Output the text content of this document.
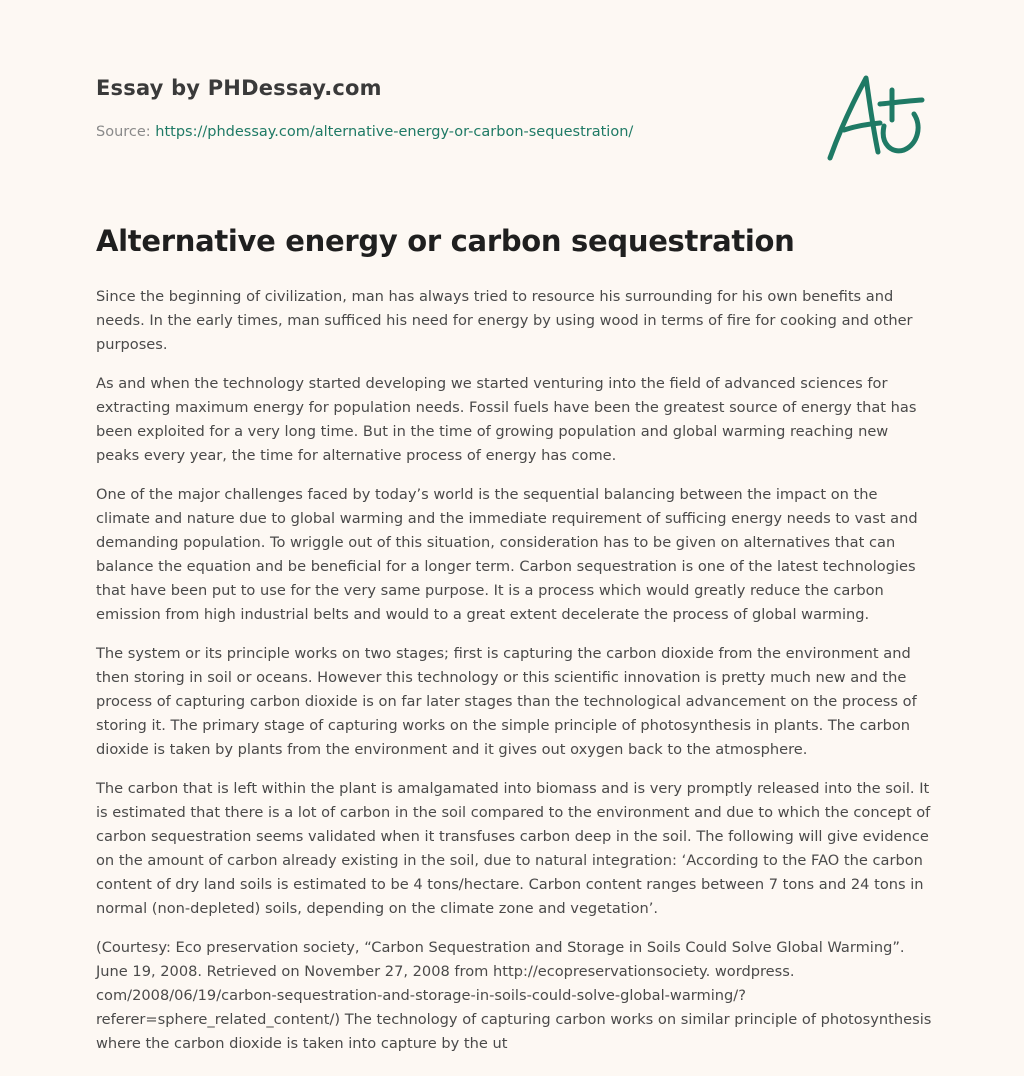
Essay by PHDessay.com
Source: https://phdessay.com/alternative-energy-or-carbon-sequestration/
Alternative energy or carbon sequestration

Since the beginning of civilization, man has always tried to resource his surrounding for his own benefits and needs. In the early times, man sufficed his need for energy by using wood in terms of fire for cooking and other purposes.

As and when the technology started developing we started venturing into the field of advanced sciences for extracting maximum energy for population needs. Fossil fuels have been the greatest source of energy that has been exploited for a very long time. But in the time of growing population and global warming reaching new peaks every year, the time for alternative process of energy has come.

One of the major challenges faced by today’s world is the sequential balancing between the impact on the climate and nature due to global warming and the immediate requirement of sufficing energy needs to vast and demanding population. To wriggle out of this situation, consideration has to be given on alternatives that can balance the equation and be beneficial for a longer term. Carbon sequestration is one of the latest technologies that have been put to use for the very same purpose. It is a process which would greatly reduce the carbon emission from high industrial belts and would to a great extent decelerate the process of global warming.

The system or its principle works on two stages; first is capturing the carbon dioxide from the environment and then storing in soil or oceans. However this technology or this scientific innovation is pretty much new and the process of capturing carbon dioxide is on far later stages than the technological advancement on the process of storing it. The primary stage of capturing works on the simple principle of photosynthesis in plants. The carbon dioxide is taken by plants from the environment and it gives out oxygen back to the atmosphere.

The carbon that is left within the plant is amalgamated into biomass and is very promptly released into the soil. It is estimated that there is a lot of carbon in the soil compared to the environment and due to which the concept of carbon sequestration seems validated when it transfuses carbon deep in the soil. The following will give evidence on the amount of carbon already existing in the soil, due to natural integration: ‘According to the FAO the carbon content of dry land soils is estimated to be 4 tons/hectare. Carbon content ranges between 7 tons and 24 tons in normal (non-depleted) soils, depending on the climate zone and vegetation’.

(Courtesy: Eco preservation society, “Carbon Sequestration and Storage in Soils Could Solve Global Warming”. June 19, 2008. Retrieved on November 27, 2008 from http://ecopreservationsociety. wordpress. com/2008/06/19/carbon-sequestration-and-storage-in-soils-could-solve-global-warming/?referer=sphere_related_content/) The technology of capturing carbon works on similar principle of photosynthesis where the carbon dioxide is taken into capture by the ut
